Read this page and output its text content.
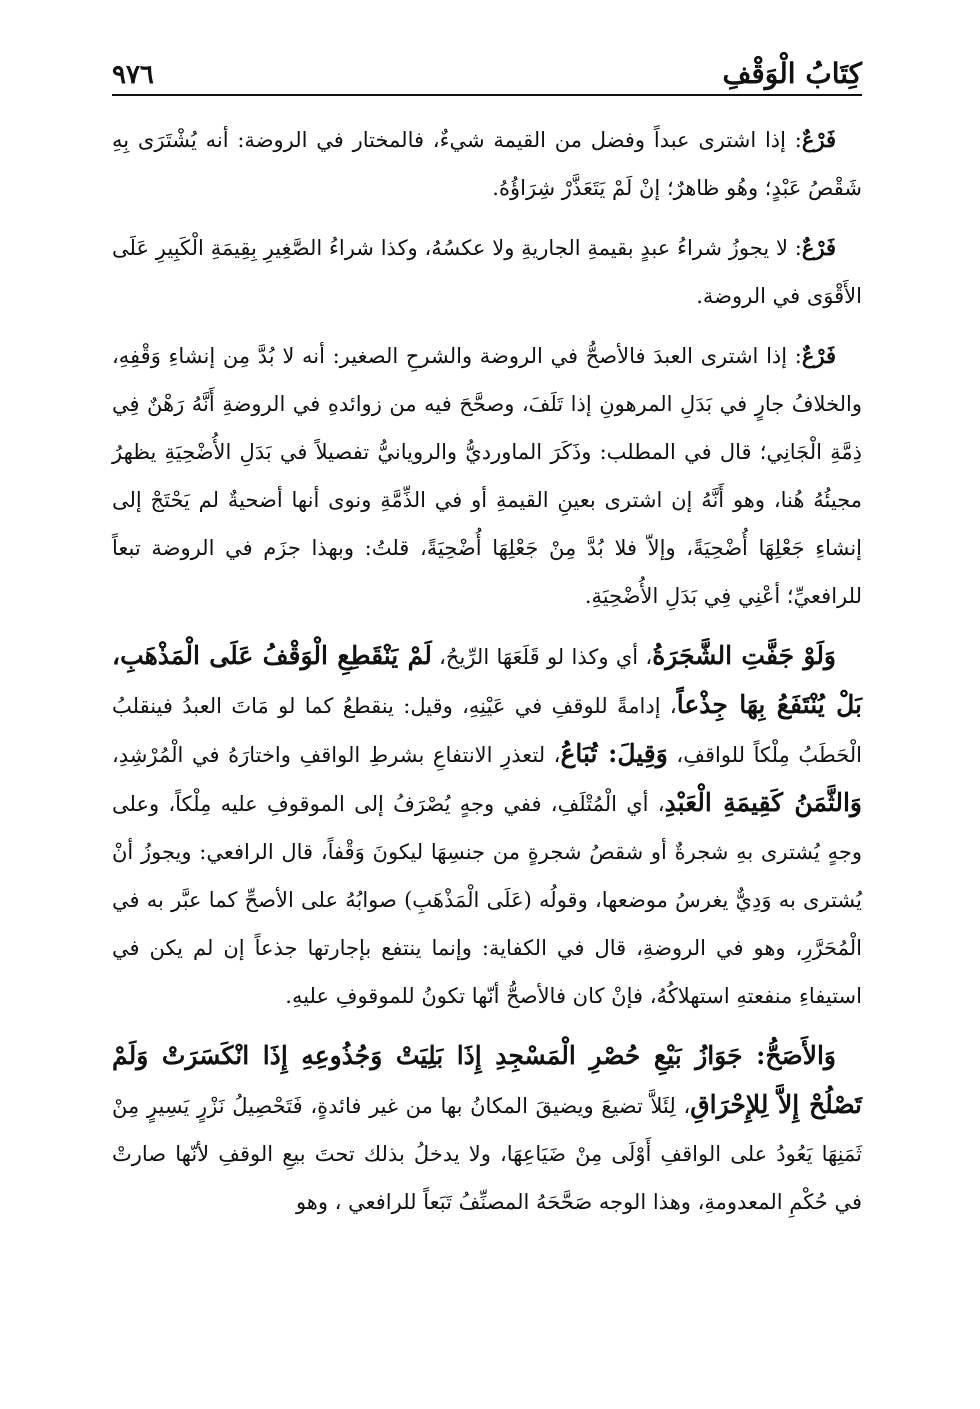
كِتَابُ الْوَقْفِ
٩٧٦

فَرْعٌ: إذا اشترى عبداً وفضل من القيمة شيءٌ، فالمختار في الروضة: أنه يُشْتَرَى بِهِ شَقْصُ عَبْدٍ؛ وهُو ظاهرٌ؛ إنْ لَمْ يَتَعَذَّرْ شِرَاؤُهُ.

فَرْعٌ: لا يجوزُ شراءُ عبدٍ بقيمةِ الجاريةِ ولا عكسُهُ، وكذا شراءُ الصَّغِيرِ بِقِيمَةِ الْكَبِيرِ عَلَى الأَقْوَى في الروضة.

فَرْعٌ: إذا اشترى العبدَ فالأصحُّ في الروضة والشرحِ الصغير: أنه لا بُدَّ مِن إنشاءِ وَقْفِهِ، والخلافُ جارٍ في بَدَلِ المرهونِ إذا تَلَفَ، وصحَّحَ فيه من زوائدهِ في الروضةِ أَنَّهُ رَهْنٌ فِي ذِمَّةِ الْجَانِي؛ قال في المطلب: وذَكَرَ الماورديُّ والرويانيُّ تفصيلاً في بَدَلِ الأُضْحِيَةِ يظهرُ مجيئُهُ هُنا، وهو أَنَّهُ إن اشترى بعينِ القيمةِ أو في الذِّمَّةِ ونوى أنها أضحيةٌ لم يَحْتَجْ إلى إنشاءِ جَعْلِهَا أُضْحِيَةً، وإلاّ فلا بُدَّ مِنْ جَعْلِهَا أُضْحِيَةً، قلتُ: وبهذا جزَم في الروضة تبعاً للرافعيِّ؛ أعْنِي فِي بَدَلِ الأُضْحِيَةِ.

وَلَوْ جَفَّتِ الشَّجَرَةُ، أي وكذا لو قَلَعَهَا الرِّيحُ، لَمْ يَنْقَطِعِ الْوَقْفُ عَلَى الْمَذْهَبِ، بَلْ يُنْتَفَعُ بِهَا جِذْعاً، إدامةً للوقفِ في عَيْنِهِ، وقيل: ينقطعُ كما لو مَاتَ العبدُ فينقلبُ الْحَطَبُ مِلْكاً للواقفِ، وَقِيلَ: تُبَاعُ، لتعذرِ الانتفاعِ بشرطِ الواقفِ واختارَهُ في الْمُرْشِدِ، وَالثَّمَنُ كَقِيمَةِ الْعَبْدِ، أي الْمُتْلَفِ، ففي وجهٍ يُصْرَفُ إلى الموقوفِ عليه مِلْكاً، وعلى وجهٍ يُشترى بهِ شجرةٌ أو شقصُ شجرةٍ من جنسِهَا ليكونَ وَقْفاً، قال الرافعي: ويجوزُ أنْ يُشترى به وَدِيٌّ يغرسُ موضعها، وقولُه (عَلَى الْمَذْهَبِ) صوابُهُ على الأصحِّ كما عبَّر به في الْمُحَرَّرِ، وهو في الروضةِ، قال في الكفاية: وإنما ينتفع بإجارتها جذعاً إن لم يكن في استيفاءِ منفعتهِ استهلاكُهُ، فإنْ كان فالأصحُّ أنّها تكونُ للموقوفِ عليهِ.

وَالأَصَحُّ: جَوَازُ بَيْعِ حُصْرِ الْمَسْجِدِ إِذَا بَلِيَتْ وَجُذُوعِهِ إِذَا انْكَسَرَتْ وَلَمْ تَصْلُحْ إِلاَّ لِلإِحْرَاقِ، لِئَلاَّ تضيعَ ويضيقَ المكانُ بها من غير فائدةٍ، فَتَحْصِيلُ نَزْرٍ يَسِيرٍ مِنْ ثَمَنِهَا يَعُودُ على الواقفِ أَوْلَى مِنْ ضَيَاعِهَا، ولا يدخلُ بذلك تحتَ بيعِ الوقفِ لأنّها صارتْ في حُكْمِ المعدومةِ، وهذا الوجه صَحَّحَهُ المصنِّفُ تَبَعاً للرافعي ، وهو
